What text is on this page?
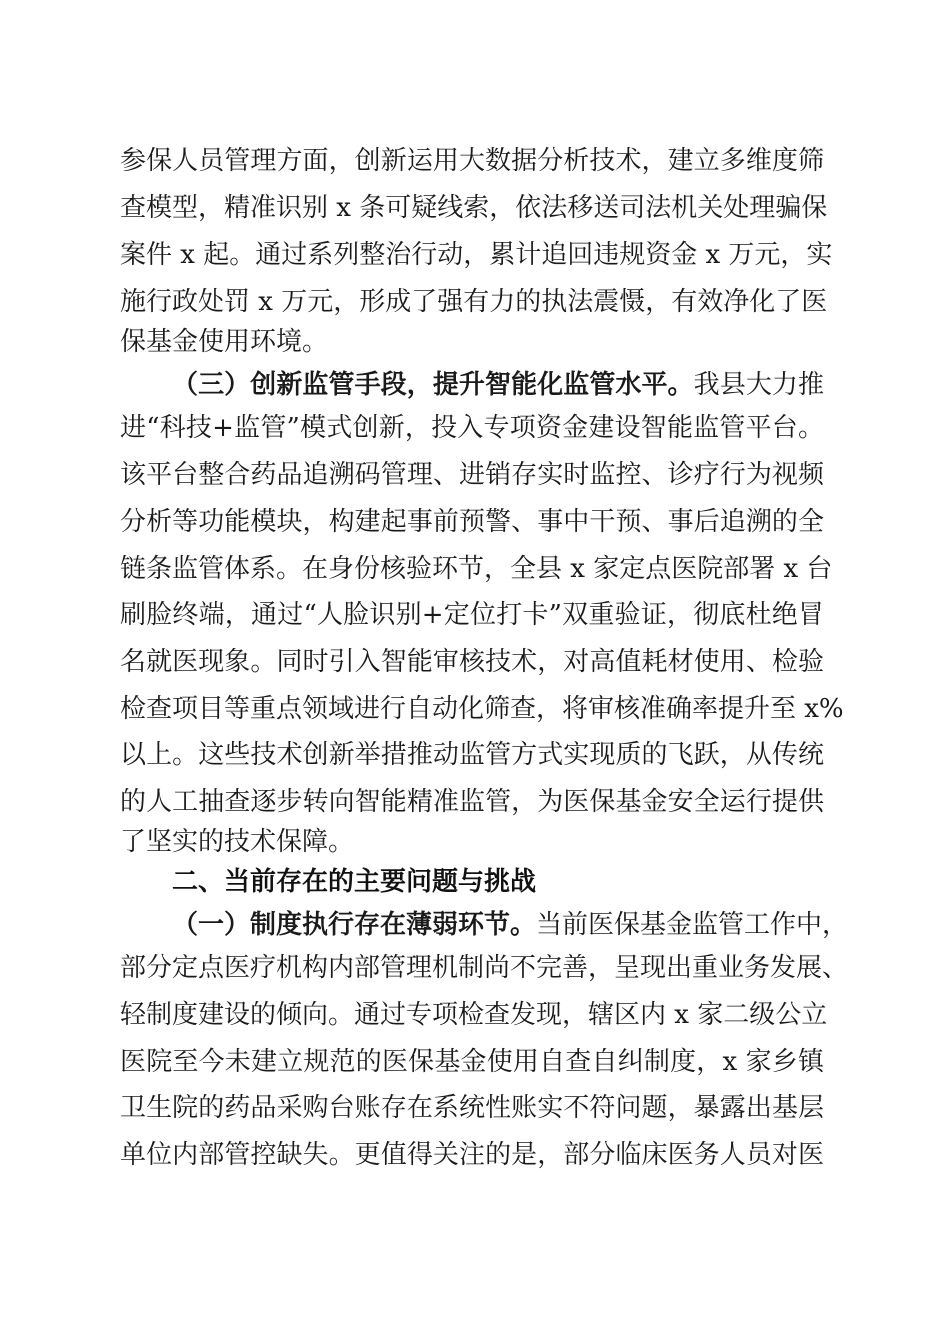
参保人员管理方面，创新运用大数据分析技术，建立多维度筛
查模型，精准识别 x 条可疑线索，依法移送司法机关处理骗保
案件 x 起。通过系列整治行动，累计追回违规资金 x 万元，实
施行政处罚 x 万元，形成了强有力的执法震慑，有效净化了医
保基金使用环境。
（三）创新监管手段，提升智能化监管水平。我县大力推
进“科技+监管”模式创新，投入专项资金建设智能监管平台。
该平台整合药品追溯码管理、进销存实时监控、诊疗行为视频
分析等功能模块，构建起事前预警、事中干预、事后追溯的全
链条监管体系。在身份核验环节，全县 x 家定点医院部署 x 台
刷脸终端，通过“人脸识别+定位打卡”双重验证，彻底杜绝冒
名就医现象。同时引入智能审核技术，对高值耗材使用、检验
检查项目等重点领域进行自动化筛查，将审核准确率提升至 x%
以上。这些技术创新举措推动监管方式实现质的飞跃，从传统
的人工抽查逐步转向智能精准监管，为医保基金安全运行提供
了坚实的技术保障。
二、当前存在的主要问题与挑战
（一）制度执行存在薄弱环节。当前医保基金监管工作中，
部分定点医疗机构内部管理机制尚不完善，呈现出重业务发展、
轻制度建设的倾向。通过专项检查发现，辖区内 x 家二级公立
医院至今未建立规范的医保基金使用自查自纠制度，x 家乡镇
卫生院的药品采购台账存在系统性账实不符问题，暴露出基层
单位内部管控缺失。更值得关注的是，部分临床医务人员对医
